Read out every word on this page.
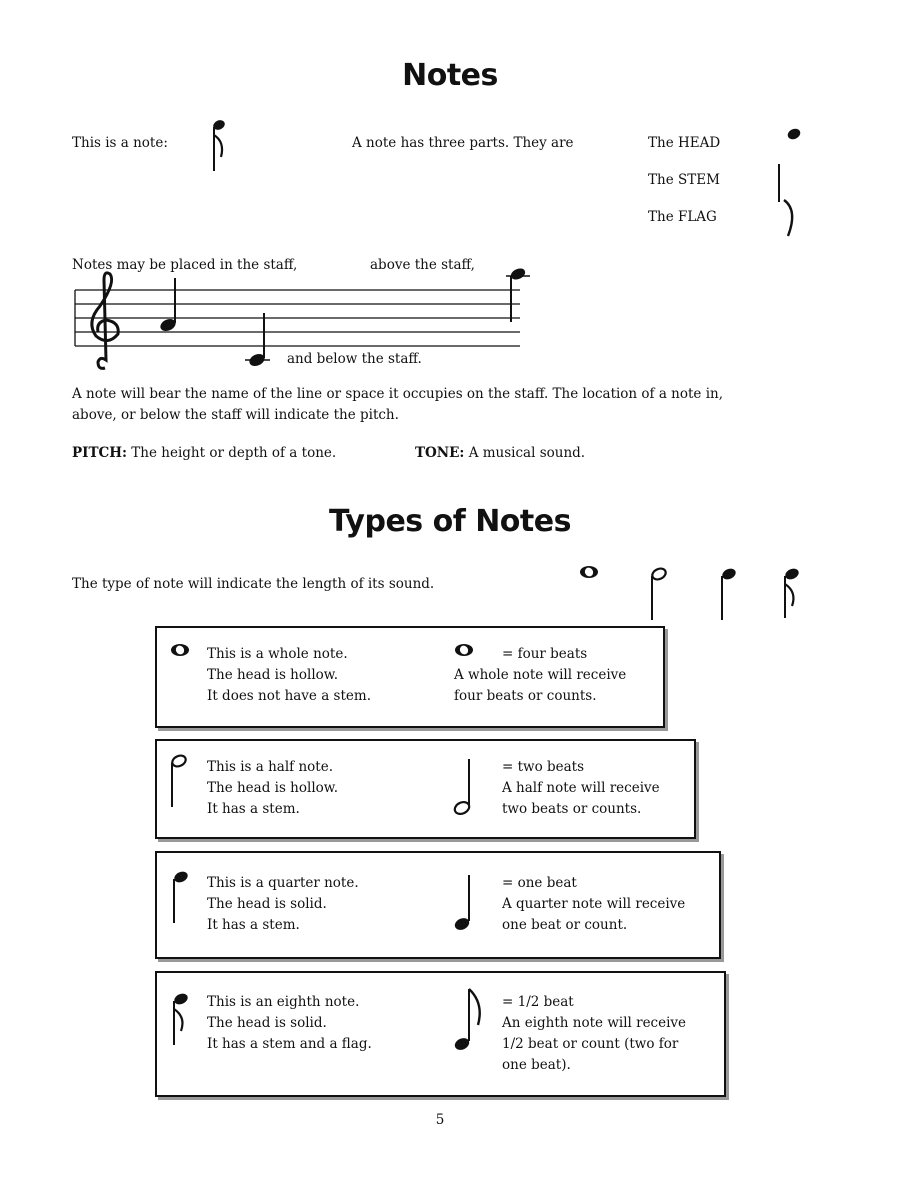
Notes
This is a note:	A note has three parts. They are	The HEAD
The STEM
The FLAG
Notes may be placed in the staff,	above the staff,
and below the staff.
A note will bear the name of the line or space it occupies on the staff. The location of a note in,
above, or below the staff will indicate the pitch.
PITCH: The height or depth of a tone.	TONE: A musical sound.
Types of Notes
The type of note will indicate the length of its sound.
This is a whole note.
The head is hollow.
It does not have a stem.
= four beats
A whole note will receive
four beats or counts.
This is a half note.
The head is hollow.
It has a stem.
= two beats
A half note will receive
two beats or counts.
This is a quarter note.
The head is solid.
It has a stem.
= one beat
A quarter note will receive
one beat or count.
This is an eighth note.
The head is solid.
It has a stem and a flag.
= 1/2 beat
An eighth note will receive
1/2 beat or count (two for
one beat).
5
